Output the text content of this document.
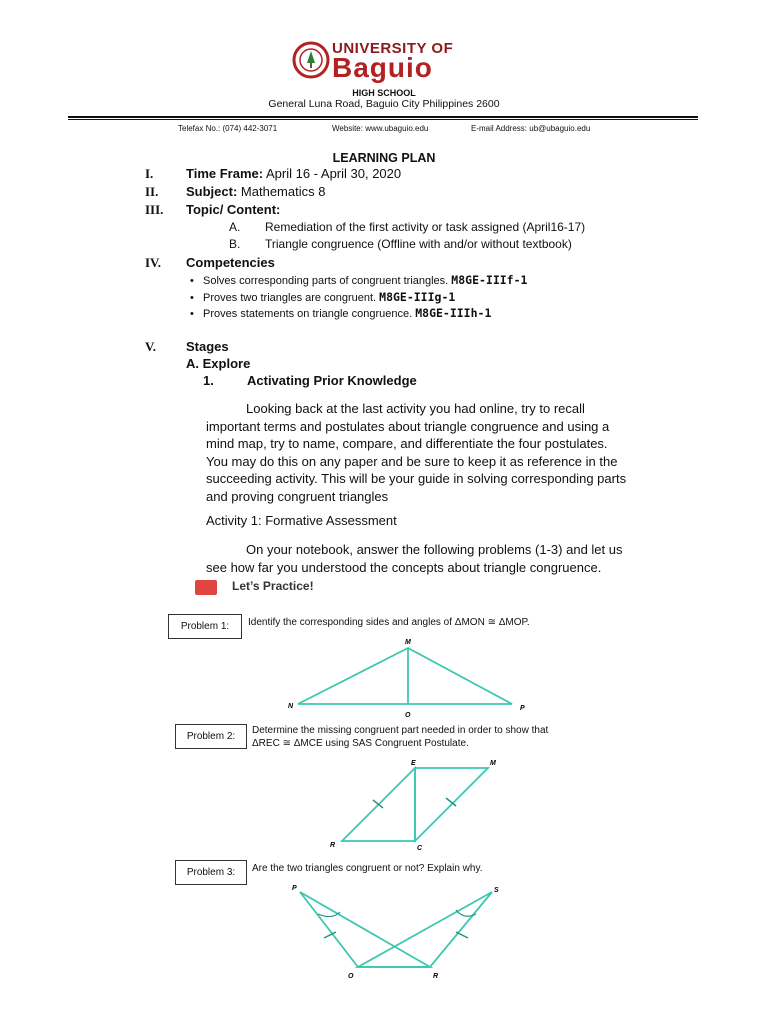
UNIVERSITY OF
Baguio
HIGH SCHOOL
General Luna Road, Baguio City Philippines 2600
Telefax No.: (074) 442-3071	Website: www.ubaguio.edu	E-mail Address: ub@ubaguio.edu
LEARNING PLAN
I.	Time Frame: April 16 - April 30, 2020
II. Subject: Mathematics 8
III. Topic/ Content:
A. Remediation of the first activity or task assigned (April16-17)
B. Triangle congruence (Offline with and/or without textbook)
IV. Competencies
• Solves corresponding parts of congruent triangles. M8GE-IIIf-1
• Proves two triangles are congruent. M8GE-IIIg-1
• Proves statements on triangle congruence. M8GE-IIIh-1
V. Stages
A. Explore
1.	Activating Prior Knowledge
Looking back at the last activity you had online, try to recall
important terms and postulates about triangle congruence and using a
mind map, try to name, compare, and differentiate the four postulates.
You may do this on any paper and be sure to keep it as reference in the
succeeding activity. This will be your guide in solving corresponding parts
and proving congruent triangles
Activity 1: Formative Assessment
On your notebook, answer the following problems (1-3) and let us
see how far you understood the concepts about triangle congruence.
Let’s Practice!
Problem 1:	Identify the corresponding sides and angles of ΔMON ≅ ΔMOP.
M
N
O
P
Problem 2:
Determine the missing congruent part needed in order to show that
ΔREC ≅ ΔMCE using SAS Congruent Postulate.
E	M
R	C
Problem 3:	Are the two triangles congruent or not? Explain why.
P	S
O	R
